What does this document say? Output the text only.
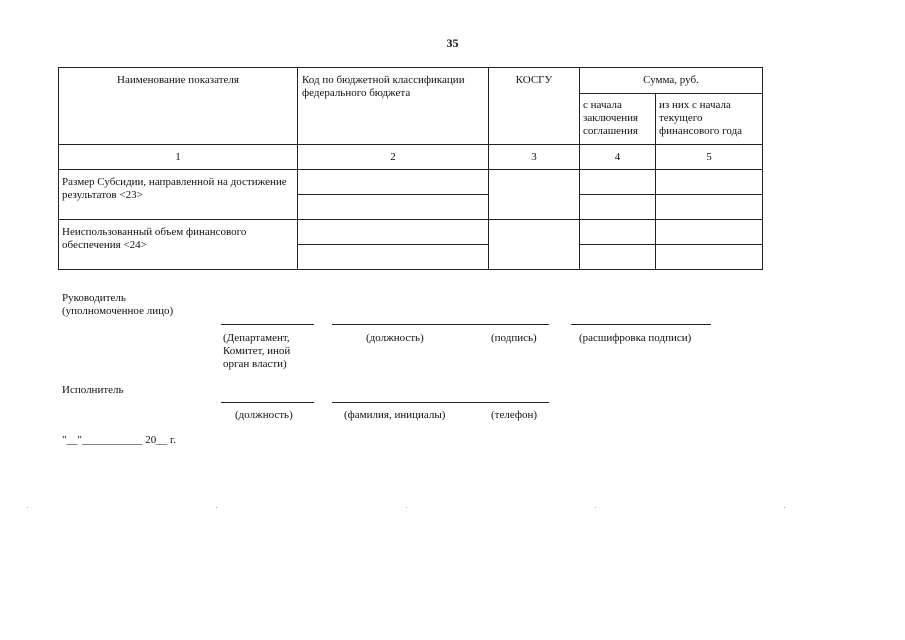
35
Наименование показателя	Код по бюджетной классификации федерального бюджета	КОСГУ	Сумма, руб.	

			с начала заключения соглашения	из них с начала текущего финансового года

1	2	3	4	5

Размер Субсидии, направленной на достижение результатов <23>				

Неиспользованный объем финансового обеспечения <24>				

Руководитель
(уполномоченное лицо)
(Департамент,
Комитет, иной
орган власти)
(должность)	(подпись)	(расшифровка подписи)
Исполнитель
(должность)	(фамилия, инициалы)	(телефон)
"__"___________ 20__ г.
